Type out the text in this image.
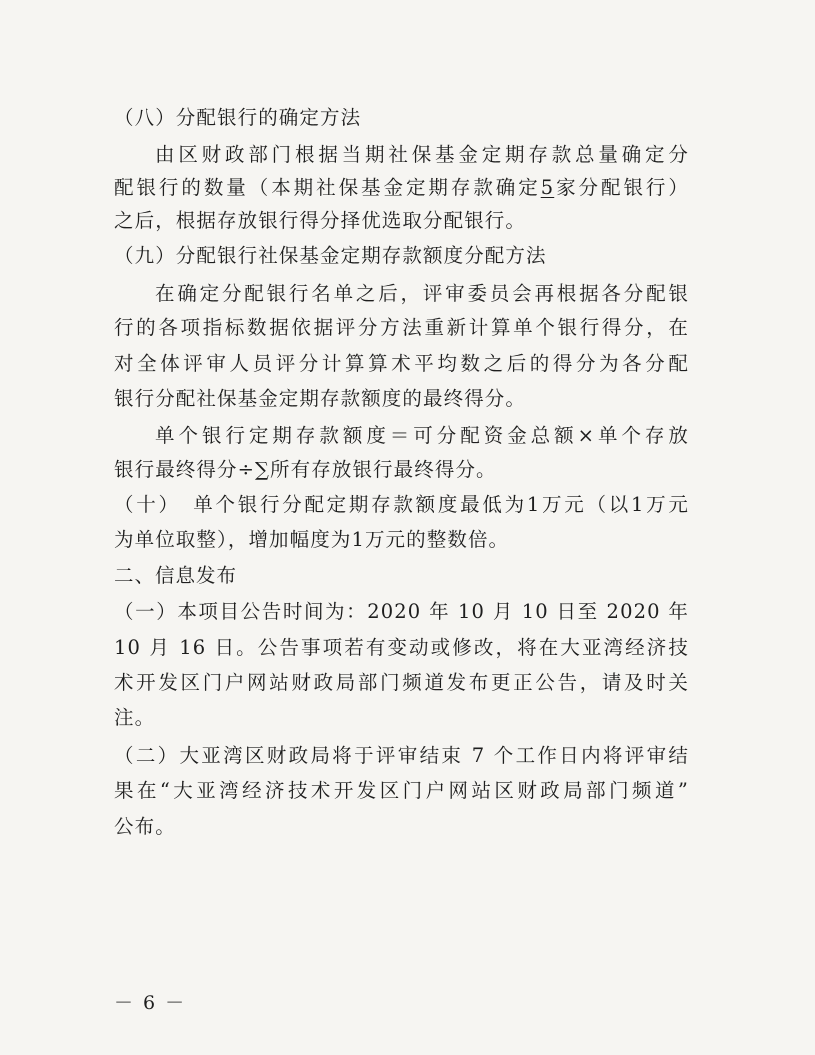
（八）分配银行的确定方法
由区财政部门根据当期社保基金定期存款总量确定分
配银行的数量（本期社保基金定期存款确定5家分配银行）
之后，根据存放银行得分择优选取分配银行。
（九）分配银行社保基金定期存款额度分配方法
在确定分配银行名单之后，评审委员会再根据各分配银
行的各项指标数据依据评分方法重新计算单个银行得分，在
对全体评审人员评分计算算术平均数之后的得分为各分配
银行分配社保基金定期存款额度的最终得分。
单个银行定期存款额度＝可分配资金总额×单个存放
银行最终得分÷∑所有存放银行最终得分。
（十）　单个银行分配定期存款额度最低为1万元（以1万元
为单位取整），增加幅度为1万元的整数倍。
二、信息发布
（一）本项目公告时间为：2020 年 10 月 10 日至 2020 年
10 月 16 日。公告事项若有变动或修改，将在大亚湾经济技
术开发区门户网站财政局部门频道发布更正公告，请及时关
注。
（二）大亚湾区财政局将于评审结束 7 个工作日内将评审结
果在“大亚湾经济技术开发区门户网站区财政局部门频道”
公布。
－ 6 －
